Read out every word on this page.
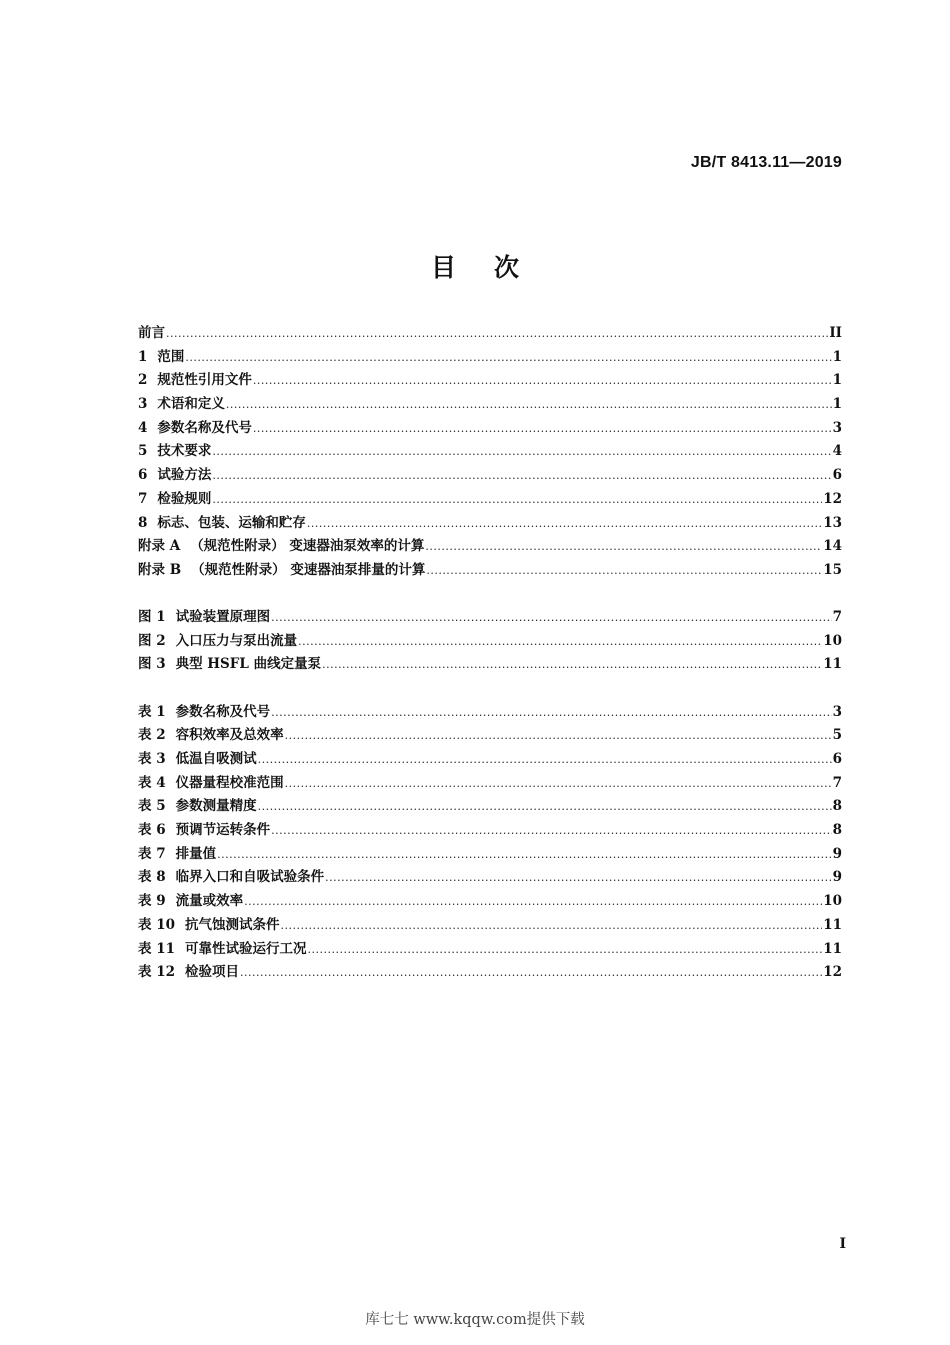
JB/T 8413.11—2019
目次
前言 .....	II
1 范围 .....	1
2 规范性引用文件 .....	1
3 术语和定义 .....	1
4 参数名称及代号 .....	3
5 技术要求 .....	4
6 试验方法 .....	6
7 检验规则 .....	12
8 标志、包装、运输和贮存 .....	13
附录 A （规范性附录） 变速器油泵效率的计算 .....	14
附录 B （规范性附录） 变速器油泵排量的计算 .....	15
图 1 试验装置原理图 .....	7
图 2 入口压力与泵出流量 .....	10
图 3 典型 HSFL 曲线定量泵 .....	11
表 1 参数名称及代号 .....	3
表 2 容积效率及总效率 .....	5
表 3 低温自吸测试 .....	6
表 4 仪器量程校准范围 .....	7
表 5 参数测量精度 .....	8
表 6 预调节运转条件 .....	8
表 7 排量值 .....	9
表 8 临界入口和自吸试验条件 .....	9
表 9 流量或效率 .....	10
表 10 抗气蚀测试条件 .....	11
表 11 可靠性试验运行工况 .....	11
表 12 检验项目 .....	12
I
库七七 www.kqqw.com提供下载
